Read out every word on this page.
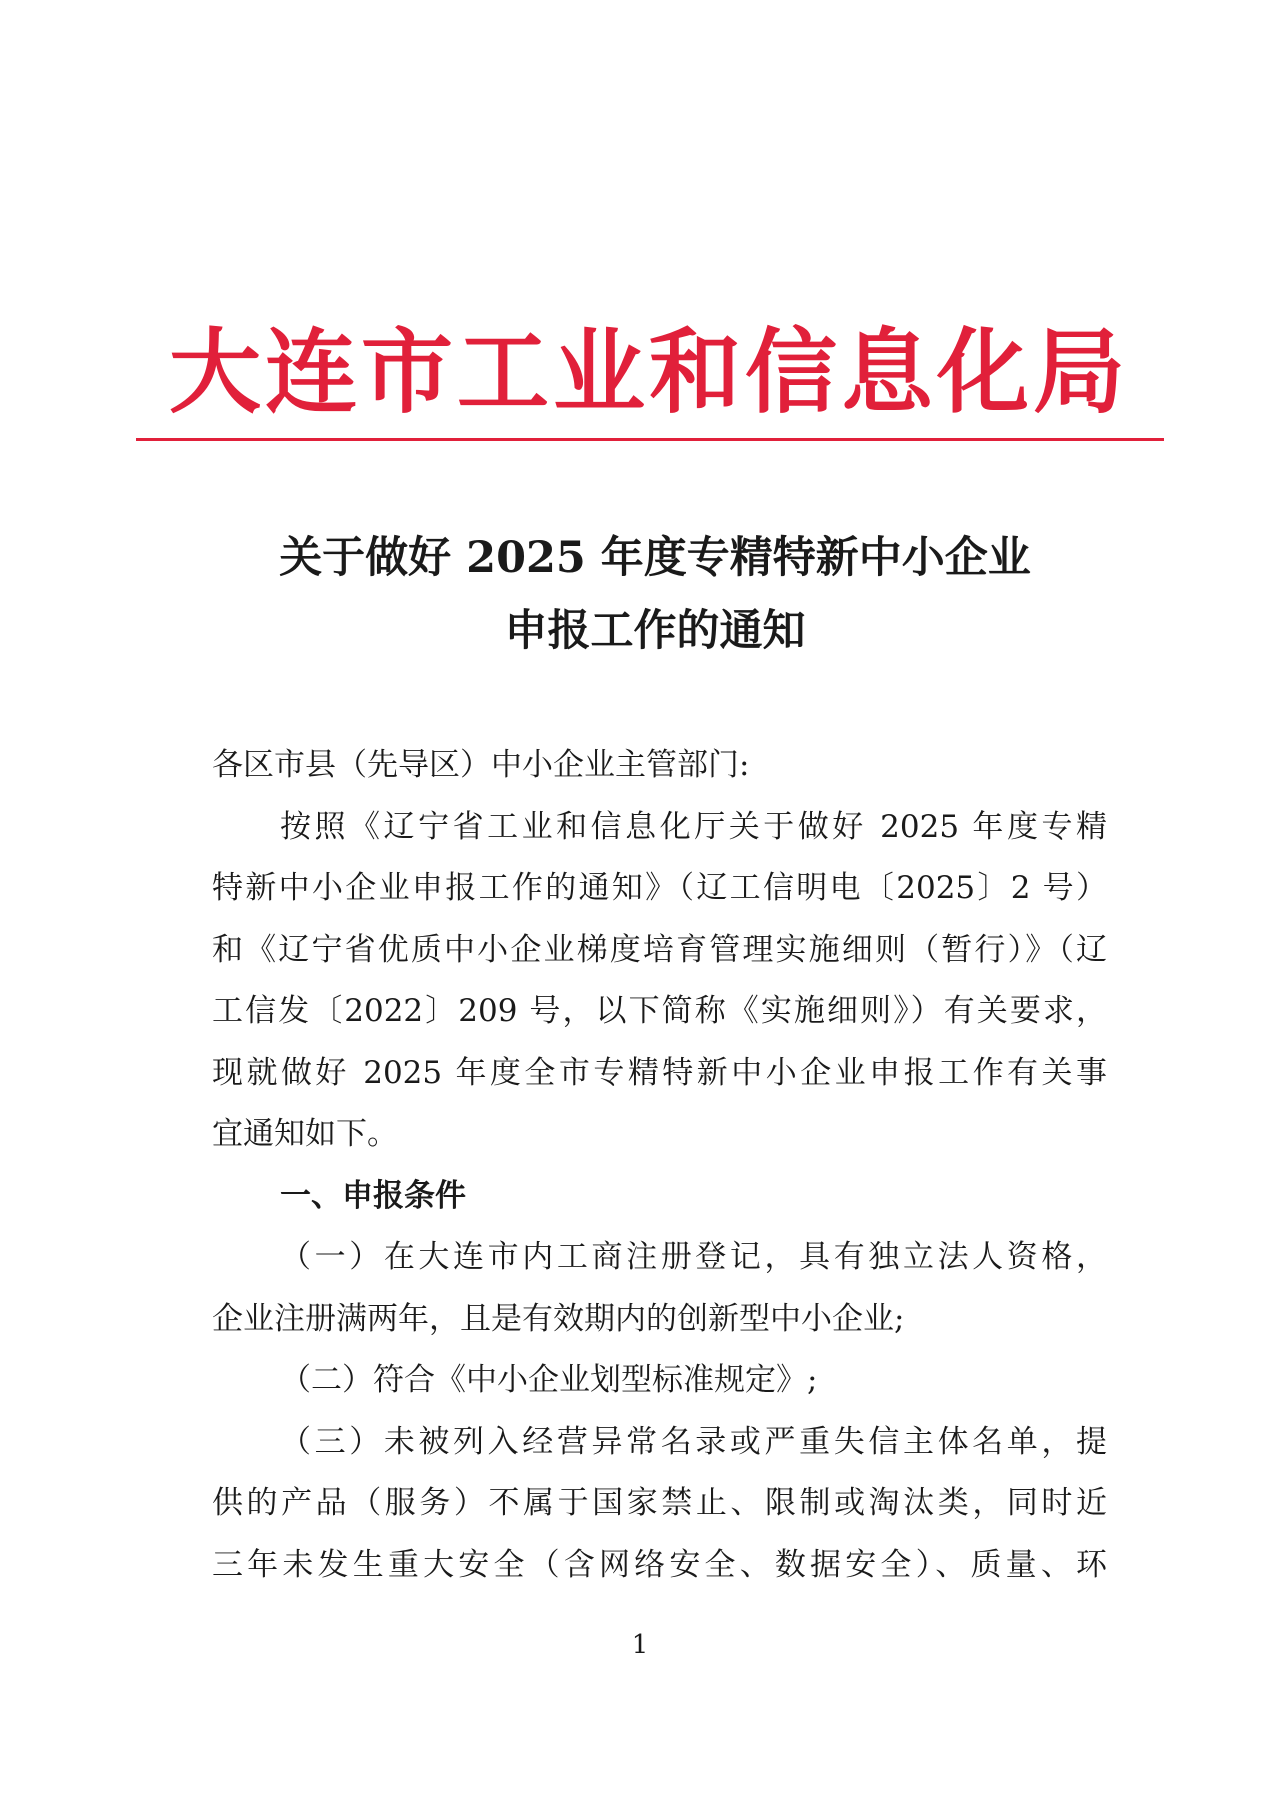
大连市工业和信息化局
关于做好 2025 年度专精特新中小企业
申报工作的通知
各区市县（先导区）中小企业主管部门:
按照《辽宁省工业和信息化厅关于做好 2025 年度专精
特新中小企业申报工作的通知》（辽工信明电〔2025〕2 号）
和《辽宁省优质中小企业梯度培育管理实施细则（暂行）》（辽
工信发〔2022〕209 号，以下简称《实施细则》）有关要求，
现就做好 2025 年度全市专精特新中小企业申报工作有关事
宜通知如下。
一、申报条件
（一）在大连市内工商注册登记，具有独立法人资格，
企业注册满两年，且是有效期内的创新型中小企业;
（二）符合《中小企业划型标准规定》;
（三）未被列入经营异常名录或严重失信主体名单，提
供的产品（服务）不属于国家禁止、限制或淘汰类，同时近
三年未发生重大安全（含网络安全、数据安全）、质量、环
1
